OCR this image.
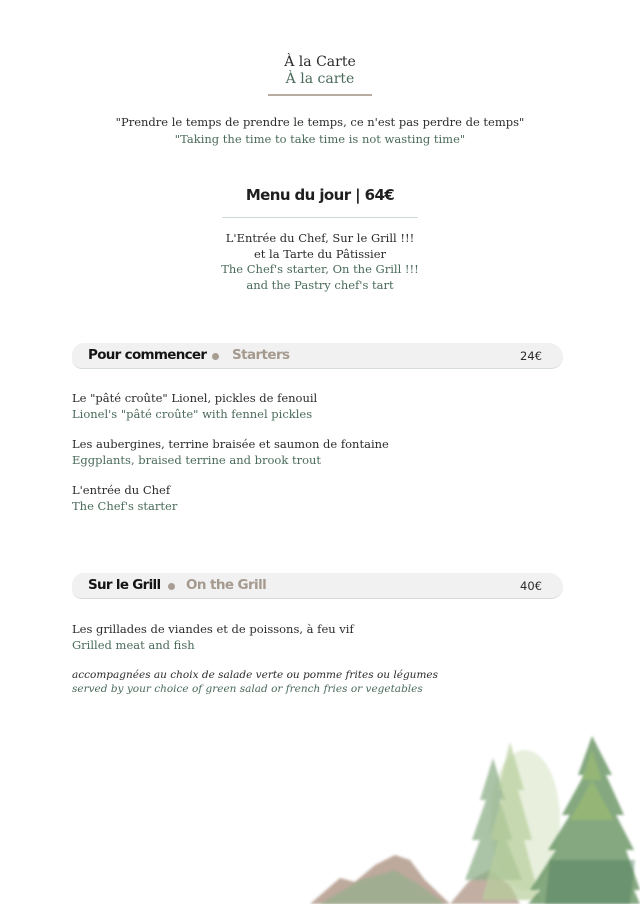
À la Carte
À la carte
"Prendre le temps de prendre le temps, ce n'est pas perdre de temps"
"Taking the time to take time is not wasting time"
Menu du jour | 64€
L'Entrée du Chef, Sur le Grill !!!
et la Tarte du Pâtissier
The Chef's starter, On the Grill !!!
and the Pastry chef's tart
Pour commencer Starters	24€
Le "pâté croûte" Lionel, pickles de fenouil
Lionel's "pâté croûte" with fennel pickles
Les aubergines, terrine braisée et saumon de fontaine
Eggplants, braised terrine and brook trout
L'entrée du Chef
The Chef's starter
Sur le Grill On the Grill	40€
Les grillades de viandes et de poissons, à feu vif
Grilled meat and fish
accompagnées au choix de salade verte ou pomme frites ou légumes
served by your choice of green salad or french fries or vegetables
